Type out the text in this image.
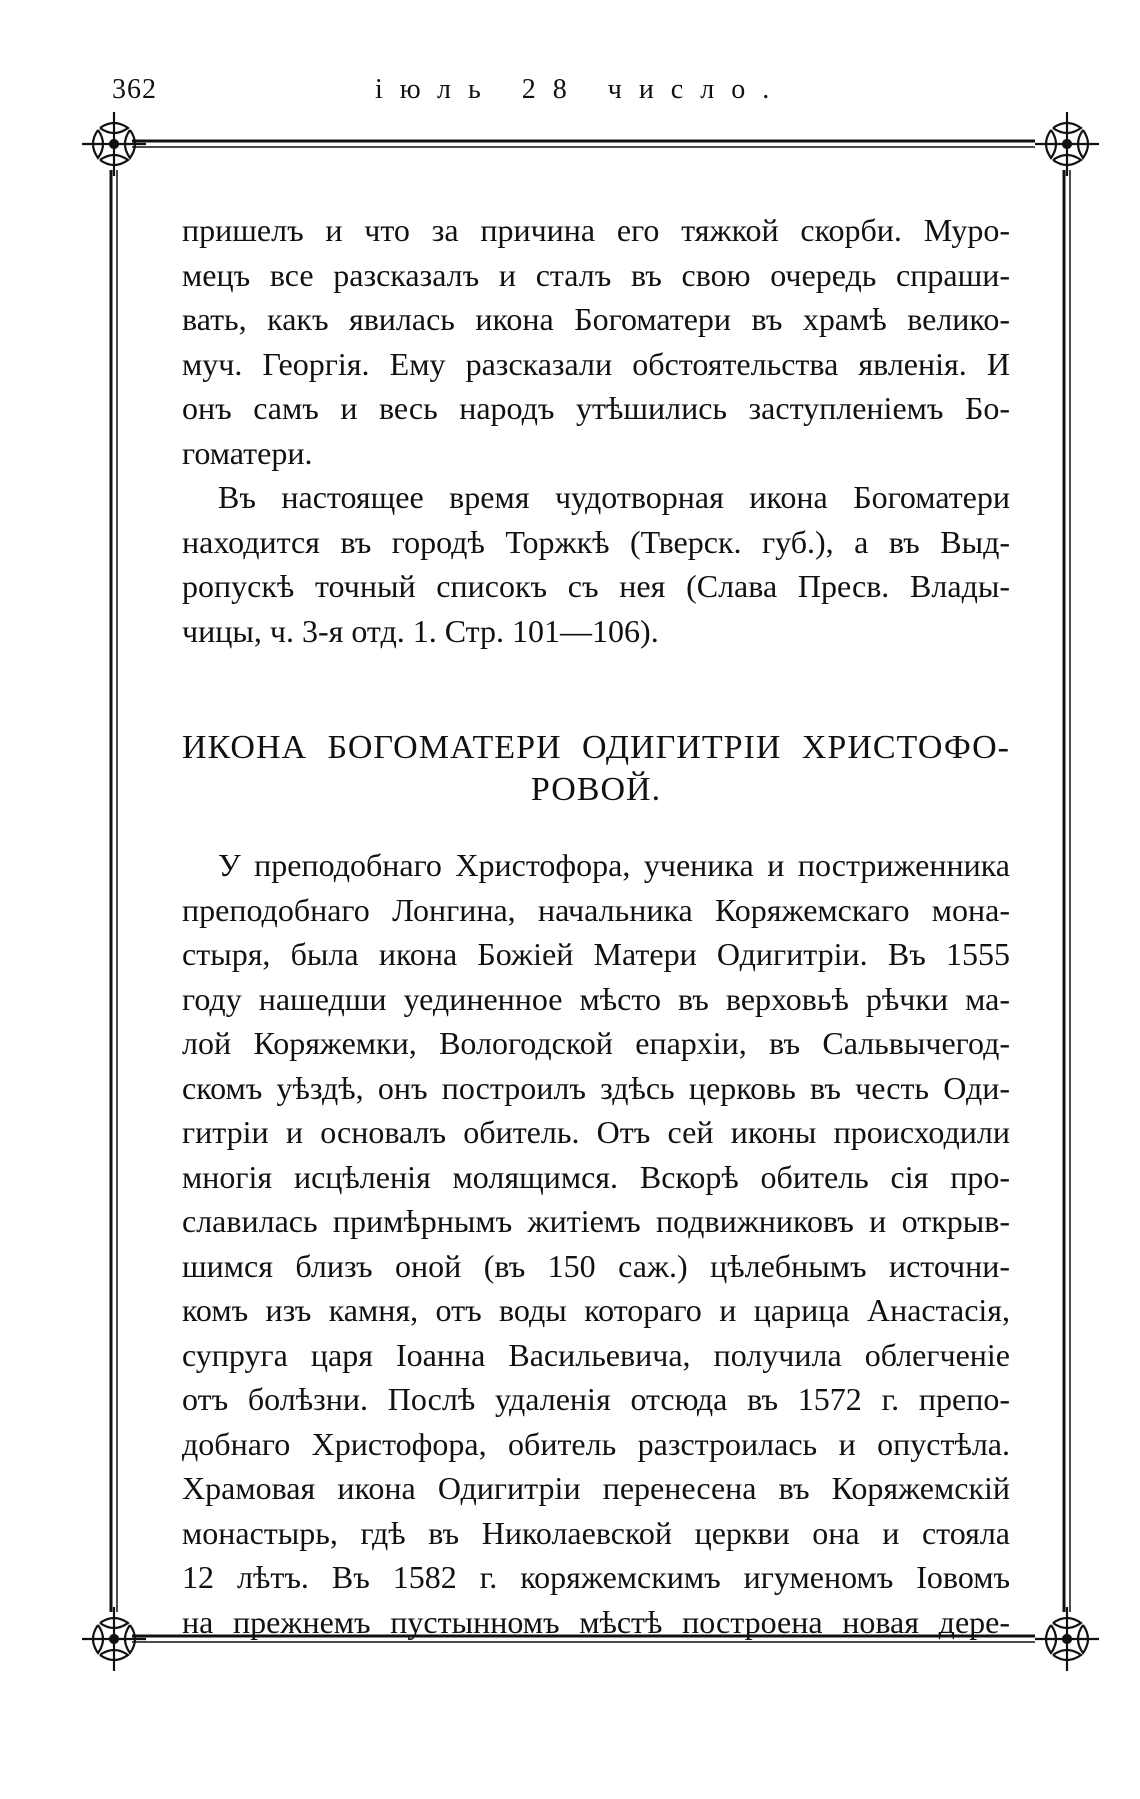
362	іюль 28 число.

пришелъ и что за причина его тяжкой скорби. Муро-
мецъ все разсказалъ и сталъ въ свою очередь спраши-
вать, какъ явилась икона Богоматери въ храмѣ велико-
муч. Георгія. Ему разсказали обстоятельства явленія. И
онъ самъ и весь народъ утѣшились заступленіемъ Бо-
гоматери.

Въ настоящее время чудотворная икона Богоматери
находится въ городѣ Торжкѣ (Тверск. губ.), а въ Выд-
ропускѣ точный списокъ съ нея (Слава Пресв. Влады-
чицы, ч. 3-я отд. 1. Стр. 101—106).

ИКОНА БОГОМАТЕРИ ОДИГИТРІИ ХРИСТОФО-
РОВОЙ.

У преподобнаго Христофора, ученика и постриженника
преподобнаго Лонгина, начальника Коряжемскаго мона-
стыря, была икона Божіей Матери Одигитріи. Въ 1555
году нашедши уединенное мѣсто въ верховьѣ рѣчки ма-
лой Коряжемки, Вологодской епархіи, въ Сальвычегод-
скомъ уѣздѣ, онъ построилъ здѣсь церковь въ честь Оди-
гитріи и основалъ обитель. Отъ сей иконы происходили
многія исцѣленія молящимся. Вскорѣ обитель сія про-
славилась примѣрнымъ житіемъ подвижниковъ и открыв-
шимся близъ оной (въ 150 саж.) цѣлебнымъ источни-
комъ изъ камня, отъ воды котораго и царица Анастасія,
супруга царя Іоанна Васильевича, получила облегченіе
отъ болѣзни. Послѣ удаленія отсюда въ 1572 г. препо-
добнаго Христофора, обитель разстроилась и опустѣла.
Храмовая икона Одигитріи перенесена въ Коряжемскій
монастырь, гдѣ въ Николаевской церкви она и стояла
12 лѣтъ. Въ 1582 г. коряжемскимъ игуменомъ Іовомъ
на прежнемъ пустынномъ мѣстѣ построена новая дере-
